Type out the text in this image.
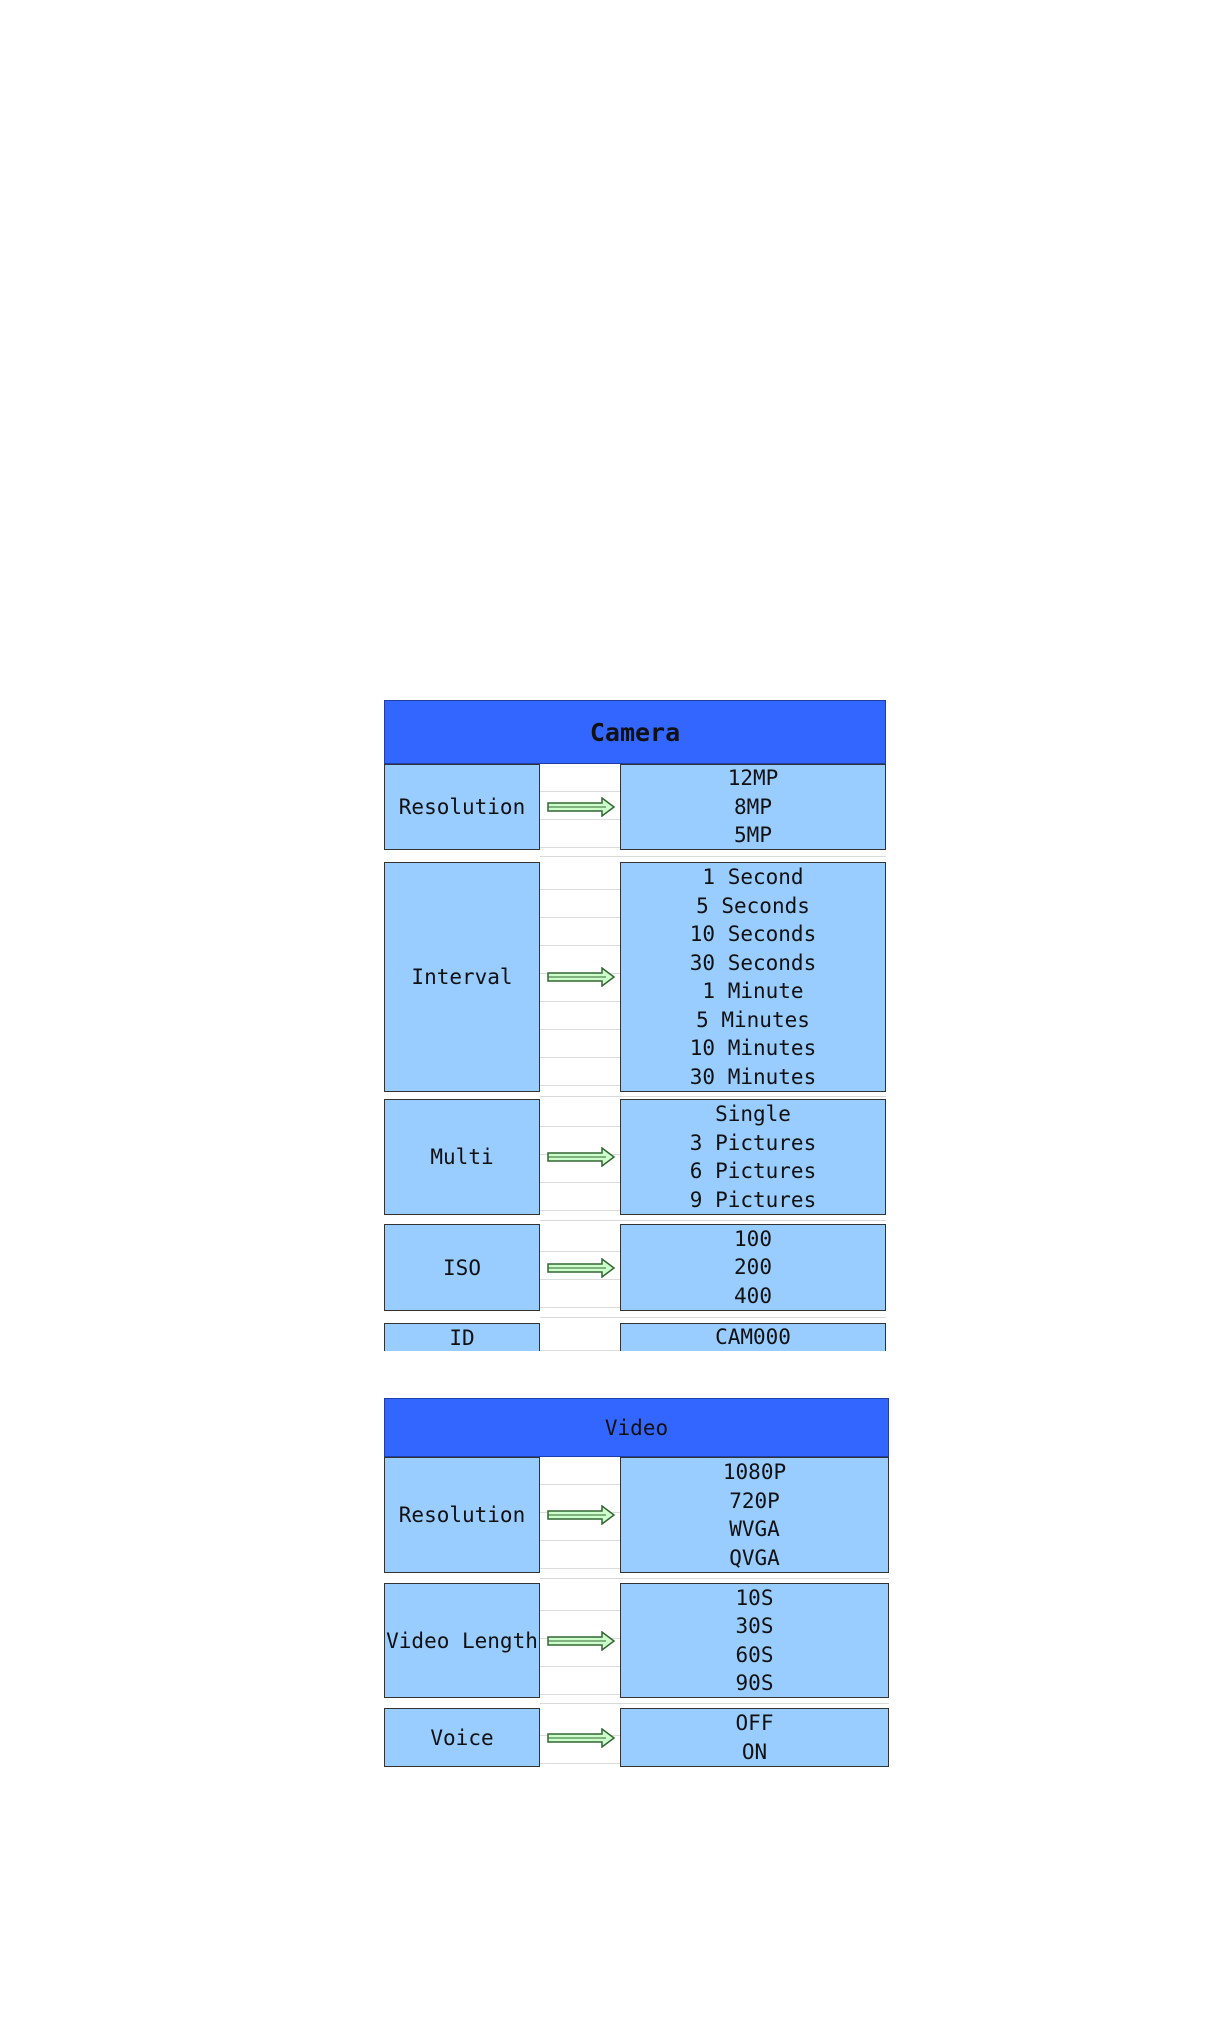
Camera
Resolution
12MP
8MP
5MP
Interval
1 Second
5 Seconds
10 Seconds
30 Seconds
1 Minute
5 Minutes
10 Minutes
30 Minutes
Multi
Single
3 Pictures
6 Pictures
9 Pictures
ISO
100
200
400
ID	CAM000
Video
Resolution
1080P
720P
WVGA
QVGA
Video Length
10S
30S
60S
90S
Voice
OFF
ON
